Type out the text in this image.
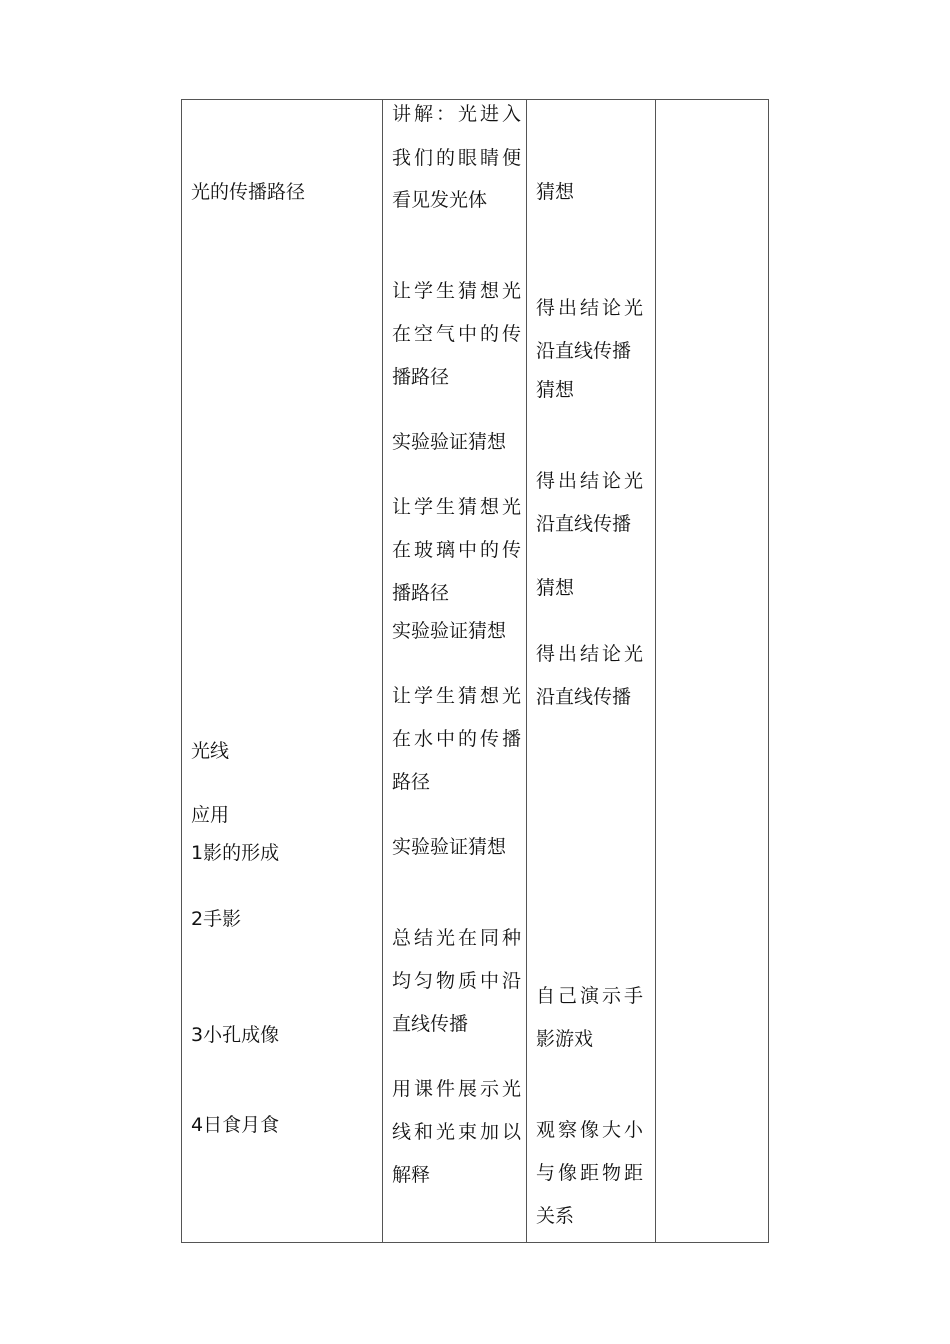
光的传播路径
光线
应用
1影的形成
2手影
3小孔成像
4日食月食
讲解：光进入
我们的眼睛便
看见发光体
让学生猜想光
在空气中的传
播路径
实验验证猜想
让学生猜想光
在玻璃中的传
播路径
实验验证猜想
让学生猜想光
在水中的传播
路径
实验验证猜想
总结光在同种
均匀物质中沿
直线传播
用课件展示光
线和光束加以
解释
猜想
得出结论光
沿直线传播
猜想
得出结论光
沿直线传播
猜想
得出结论光
沿直线传播
自己演示手
影游戏
观察像大小
与像距物距
关系
